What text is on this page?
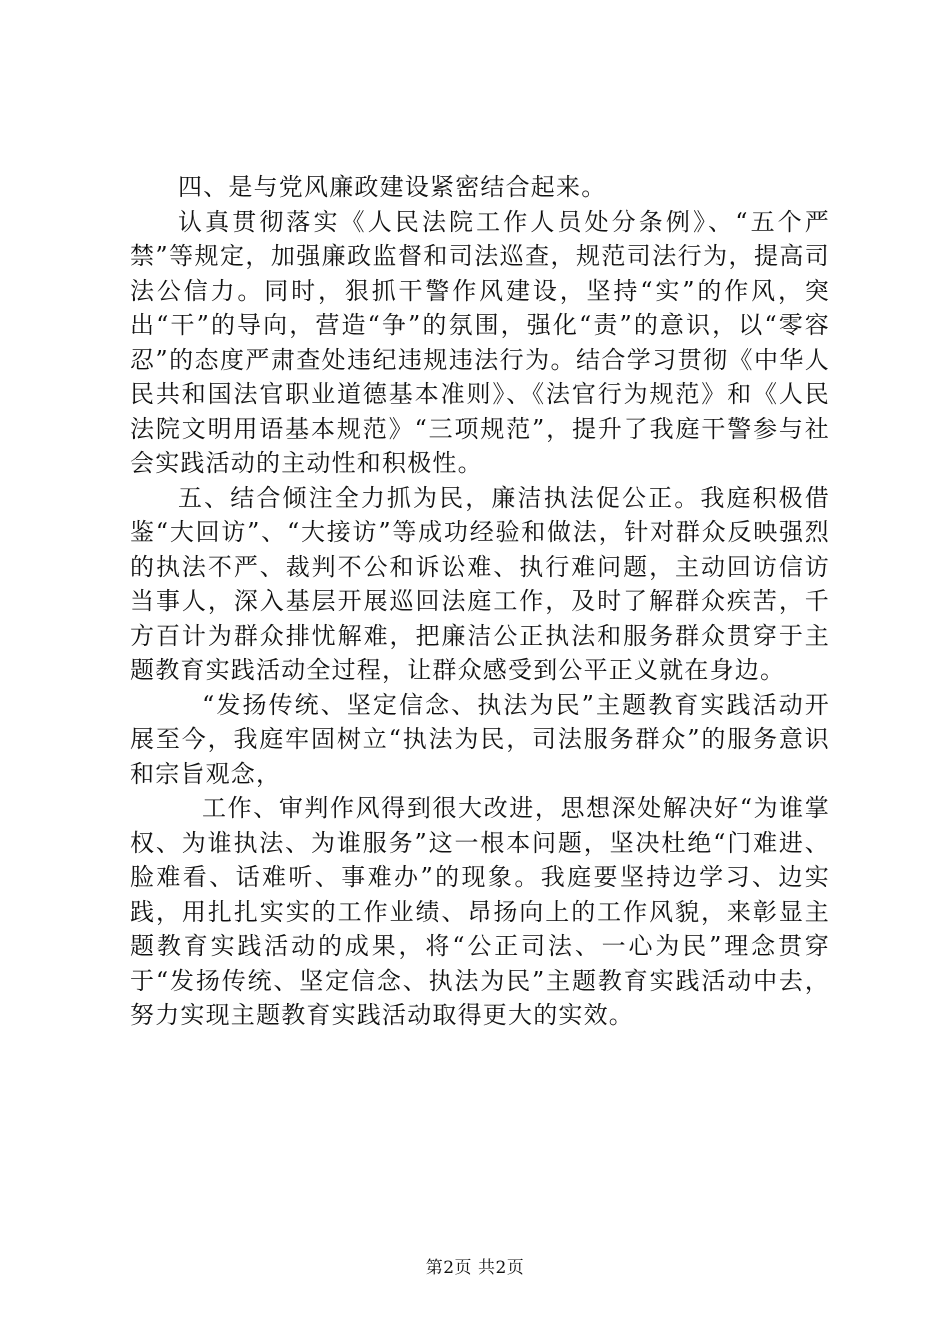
四、是与党风廉政建设紧密结合起来。

认真贯彻落实《人民法院工作人员处分条例》、“五个严禁”等规定，加强廉政监督和司法巡查，规范司法行为，提高司法公信力。同时，狠抓干警作风建设，坚持“实”的作风，突出“干”的导向，营造“争”的氛围，强化“责”的意识，以“零容忍”的态度严肃查处违纪违规违法行为。结合学习贯彻《中华人民共和国法官职业道德基本准则》、《法官行为规范》和《人民法院文明用语基本规范》“三项规范”，提升了我庭干警参与社会实践活动的主动性和积极性。

五、结合倾注全力抓为民，廉洁执法促公正。我庭积极借鉴“大回访”、“大接访”等成功经验和做法，针对群众反映强烈的执法不严、裁判不公和诉讼难、执行难问题，主动回访信访当事人，深入基层开展巡回法庭工作，及时了解群众疾苦，千方百计为群众排忧解难，把廉洁公正执法和服务群众贯穿于主题教育实践活动全过程，让群众感受到公平正义就在身边。

“发扬传统、坚定信念、执法为民”主题教育实践活动开展至今，我庭牢固树立“执法为民，司法服务群众”的服务意识和宗旨观念，

工作、审判作风得到很大改进，思想深处解决好“为谁掌权、为谁执法、为谁服务”这一根本问题，坚决杜绝“门难进、脸难看、话难听、事难办”的现象。我庭要坚持边学习、边实践，用扎扎实实的工作业绩、昂扬向上的工作风貌，来彰显主题教育实践活动的成果，将“公正司法、一心为民”理念贯穿于“发扬传统、坚定信念、执法为民”主题教育实践活动中去，努力实现主题教育实践活动取得更大的实效。

第2页 共2页
